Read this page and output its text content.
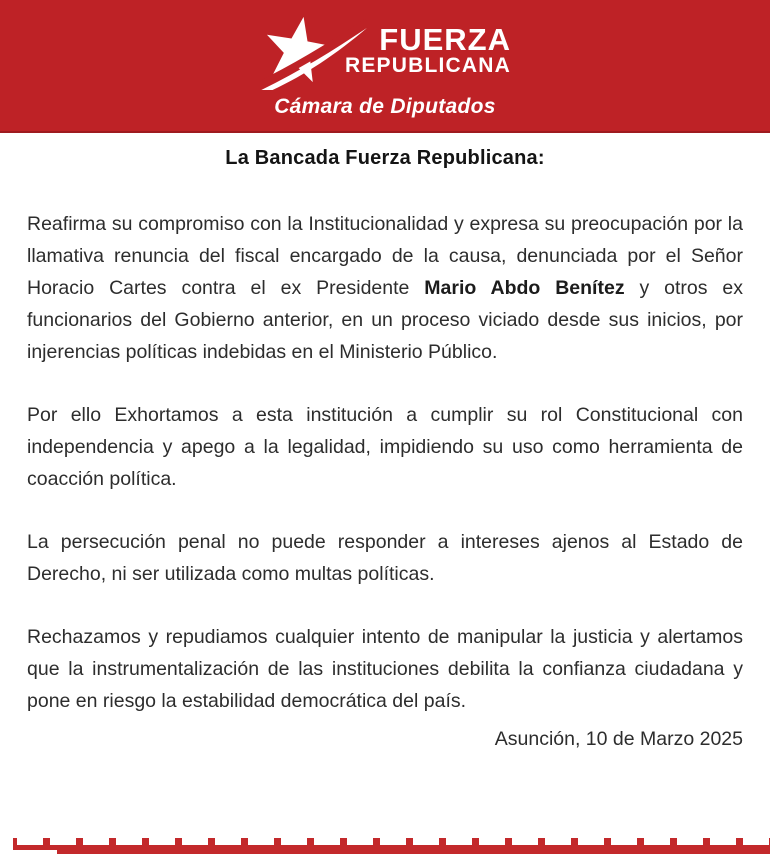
FUERZA
REPUBLICANA
Cámara de Diputados
La Bancada Fuerza Republicana:

Reafirma su compromiso con la Institucionalidad y expresa su preocupación por la llamativa renuncia del fiscal encargado de la causa, denunciada por el Señor Horacio Cartes contra el ex Presidente Mario Abdo Benítez y otros ex funcionarios del Gobierno anterior, en un proceso viciado desde sus inicios, por injerencias políticas indebidas en el Ministerio Público.

Por ello Exhortamos a esta institución a cumplir su rol Constitucional con independencia y apego a la legalidad, impidiendo su uso como herramienta de coacción política.

La persecución penal no puede responder a intereses ajenos al Estado de Derecho, ni ser utilizada como multas políticas.

Rechazamos y repudiamos cualquier intento de manipular la justicia y alertamos que la instrumentalización de las instituciones debilita la confianza ciudadana y pone en riesgo la estabilidad democrática del país.

Asunción, 10 de Marzo 2025
